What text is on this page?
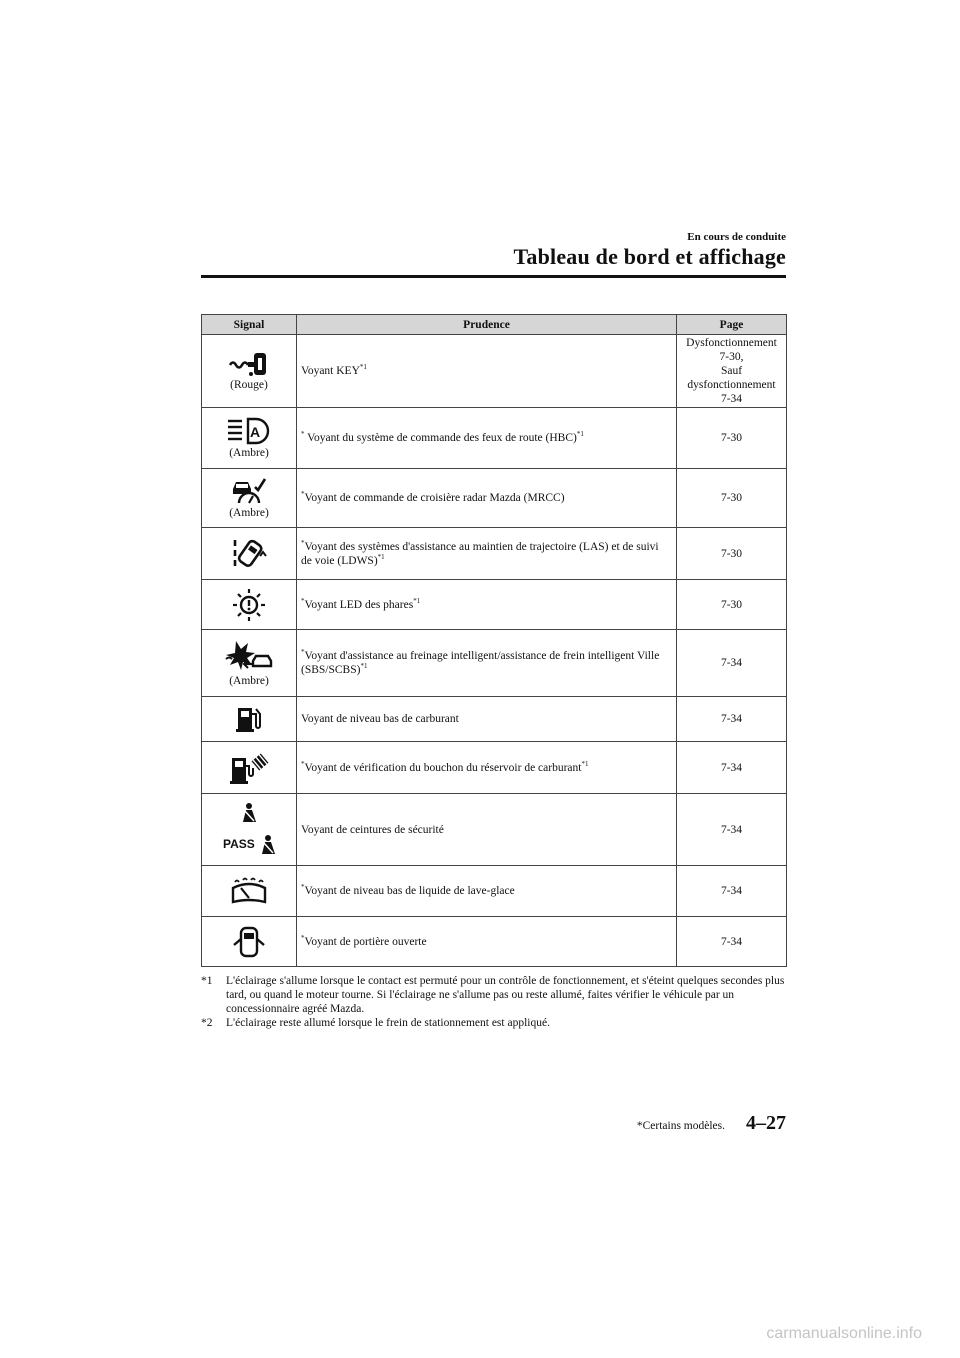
En cours de conduite
Tableau de bord et affichage
Signal	Prudence	Page

(Rouge)	Voyant KEY$^{*1}$	Dysfonctionnement
7-30,
Sauf
dysfonctionnement
7-34

A
(Ambre)	* Voyant du système de commande des feux de route (HBC)$^{*1}$	7-30

(Ambre)	*Voyant de commande de croisière radar Mazda (MRCC)	7-30

	*Voyant des systèmes d'assistance au maintien de trajectoire (LAS) et de suivi de voie (LDWS)$^{*1}$	7-30

	*Voyant LED des phares$^{*1}$	7-30

(Ambre)	*Voyant d'assistance au freinage intelligent/assistance de frein intelligent Ville (SBS/SCBS)$^{*1}$	7-34

	Voyant de niveau bas de carburant	7-34

	*Voyant de vérification du bouchon du réservoir de carburant$^{*1}$	7-34

PASS	Voyant de ceintures de sécurité	7-34

	*Voyant de niveau bas de liquide de lave-glace	7-34

	*Voyant de portière ouverte	7-34
*1 L'éclairage s'allume lorsque le contact est permuté pour un contrôle de fonctionnement, et s'éteint quelques secondes plus tard, ou quand le moteur tourne. Si l'éclairage ne s'allume pas ou reste allumé, faites vérifier le véhicule par un concessionnaire agréé Mazda.
*2 L'éclairage reste allumé lorsque le frein de stationnement est appliqué.
*Certains modèles. 4–27
carmanualsonline.info
